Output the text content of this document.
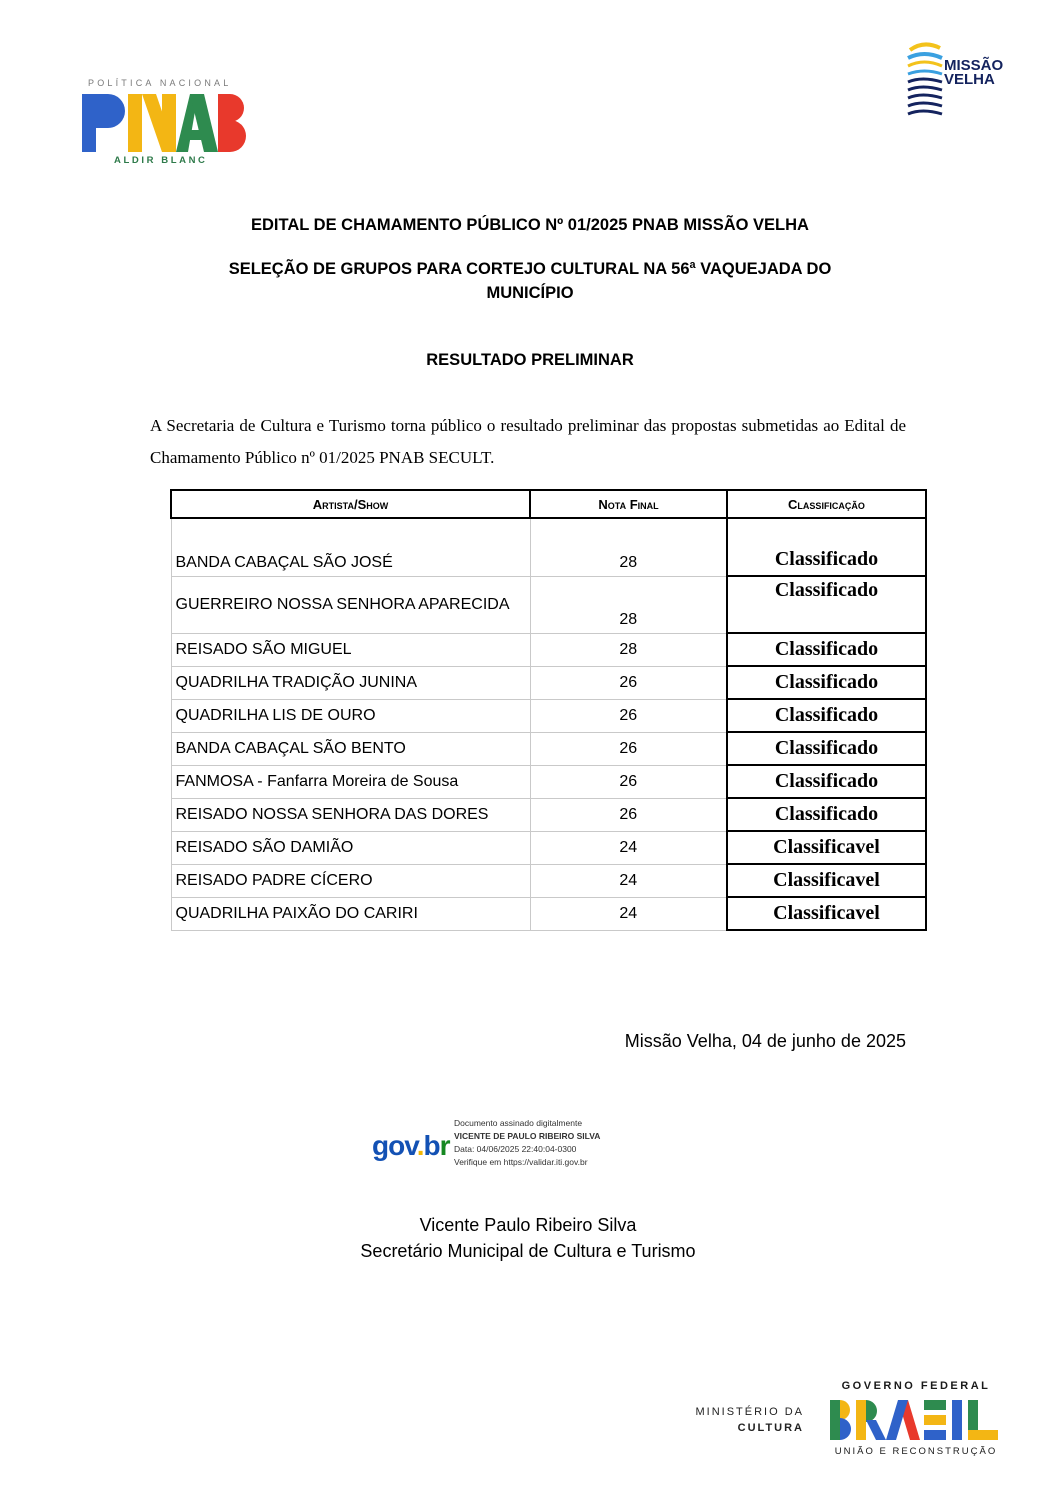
POLÍTICA NACIONAL
ALDIR BLANC
MISSÃO
VELHA
EDITAL DE CHAMAMENTO PÚBLICO Nº 01/2025 PNAB MISSÃO VELHA
SELEÇÃO DE GRUPOS PARA CORTEJO CULTURAL NA 56ª VAQUEJADA DO
MUNICÍPIO
RESULTADO PRELIMINAR
A Secretaria de Cultura e Turismo torna público o resultado preliminar das propostas submetidas ao Edital de Chamamento Público nº 01/2025 PNAB SECULT.
Artista/Show	Nota Final	Classificação
BANDA CABAÇAL SÃO JOSÉ	28	Classificado
GUERREIRO NOSSA SENHORA APARECIDA	28	Classificado
REISADO SÃO MIGUEL	28	Classificado
QUADRILHA TRADIÇÃO JUNINA	26	Classificado
QUADRILHA LIS DE OURO	26	Classificado
BANDA CABAÇAL SÃO BENTO	26	Classificado
FANMOSA - Fanfarra Moreira de Sousa	26	Classificado
REISADO NOSSA SENHORA DAS DORES	26	Classificado
REISADO SÃO DAMIÃO	24	Classificavel
REISADO PADRE CÍCERO	24	Classificavel
QUADRILHA PAIXÃO DO CARIRI	24	Classificavel
Missão Velha, 04 de junho de 2025
gov.br
Documento assinado digitalmente
VICENTE DE PAULO RIBEIRO SILVA
Data: 04/06/2025 22:40:04-0300
Verifique em https://validar.iti.gov.br
Vicente Paulo Ribeiro Silva
Secretário Municipal de Cultura e Turismo
MINISTÉRIO DA
CULTURA
GOVERNO FEDERAL
UNIÃO E RECONSTRUÇÃO
